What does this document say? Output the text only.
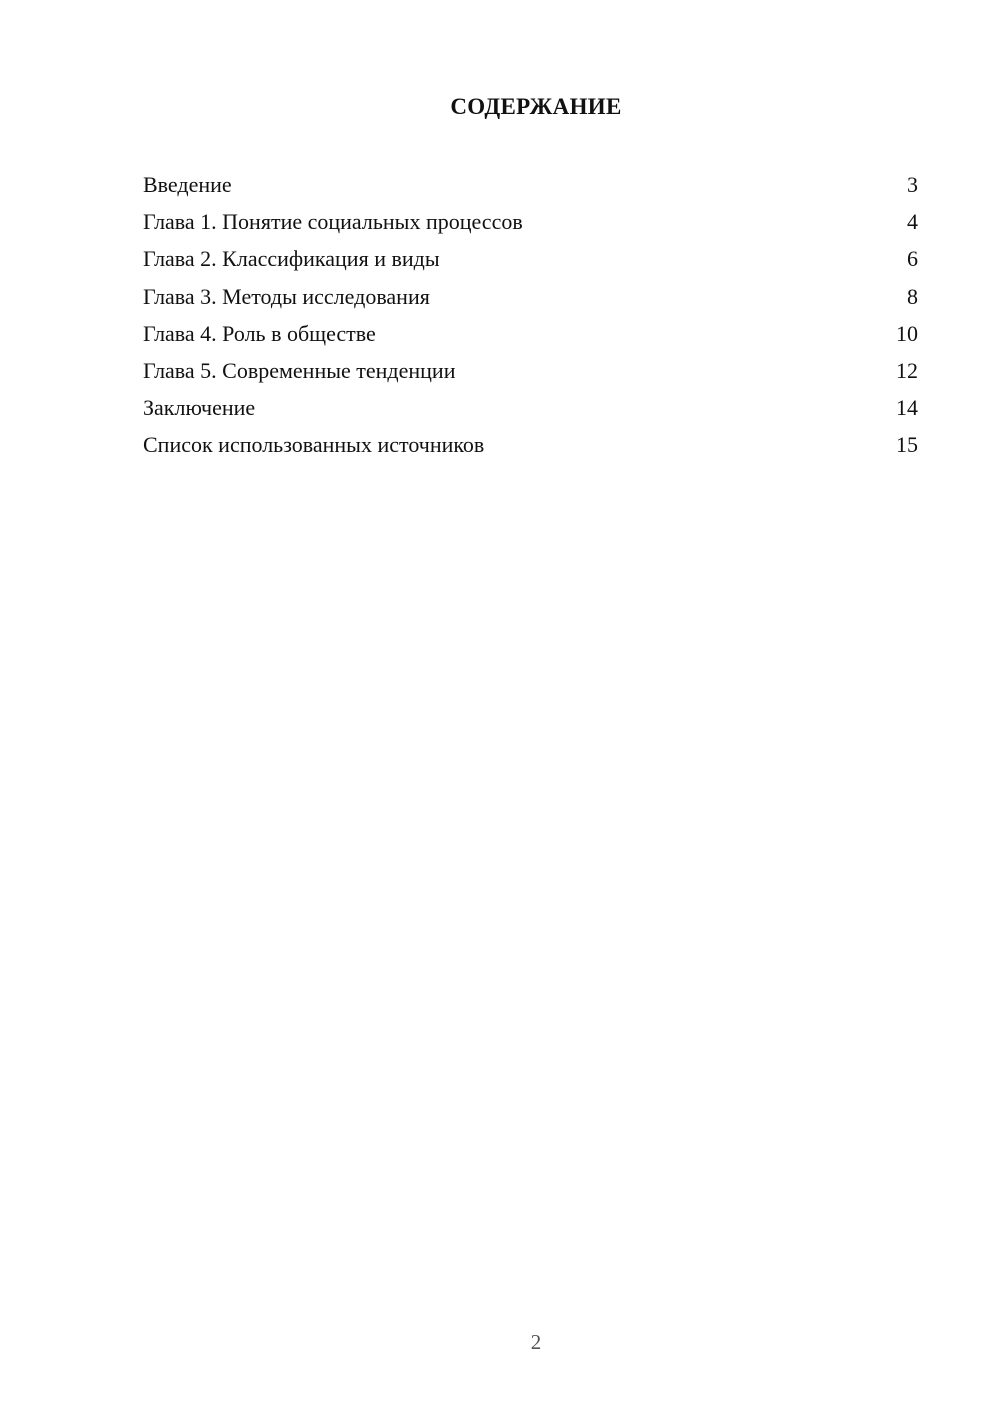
СОДЕРЖАНИЕ
Введение	3
Глава 1. Понятие социальных процессов	4
Глава 2. Классификация и виды	6
Глава 3. Методы исследования	8
Глава 4. Роль в обществе	10
Глава 5. Современные тенденции	12
Заключение	14
Список использованных источников	15
2
